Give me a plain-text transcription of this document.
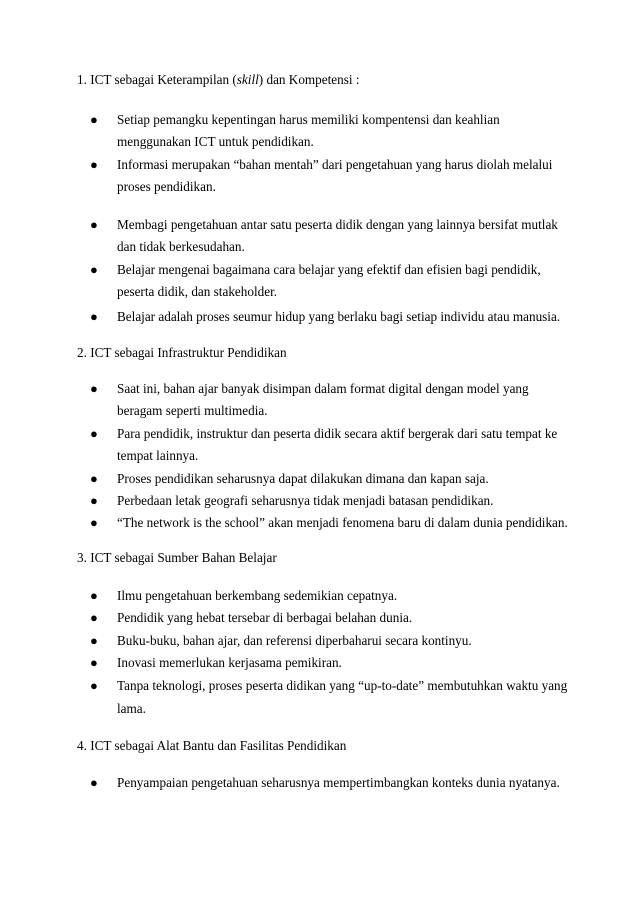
1. ICT sebagai Keterampilan (skill) dan Kompetensi :
●	Setiap pemangku kepentingan harus memiliki kompentensi dan keahlian
menggunakan ICT untuk pendidikan.
●	Informasi merupakan “bahan mentah” dari pengetahuan yang harus diolah melalui
proses pendidikan.
●	Membagi pengetahuan antar satu peserta didik dengan yang lainnya bersifat mutlak
dan tidak berkesudahan.
●	Belajar mengenai bagaimana cara belajar yang efektif dan efisien bagi pendidik,
peserta didik, dan stakeholder.
●	Belajar adalah proses seumur hidup yang berlaku bagi setiap individu atau manusia.
2. ICT sebagai Infrastruktur Pendidikan
●	Saat ini, bahan ajar banyak disimpan dalam format digital dengan model yang
beragam seperti multimedia.
●	Para pendidik, instruktur dan peserta didik secara aktif bergerak dari satu tempat ke
tempat lainnya.
●	Proses pendidikan seharusnya dapat dilakukan dimana dan kapan saja.
●	Perbedaan letak geografi seharusnya tidak menjadi batasan pendidikan.
●	“The network is the school” akan menjadi fenomena baru di dalam dunia pendidikan.
3. ICT sebagai Sumber Bahan Belajar
●	Ilmu pengetahuan berkembang sedemikian cepatnya.
●	Pendidik yang hebat tersebar di berbagai belahan dunia.
●	Buku-buku, bahan ajar, dan referensi diperbaharui secara kontinyu.
●	Inovasi memerlukan kerjasama pemikiran.
●	Tanpa teknologi, proses peserta didikan yang “up-to-date” membutuhkan waktu yang
lama.
4. ICT sebagai Alat Bantu dan Fasilitas Pendidikan
●	Penyampaian pengetahuan seharusnya mempertimbangkan konteks dunia nyatanya.
